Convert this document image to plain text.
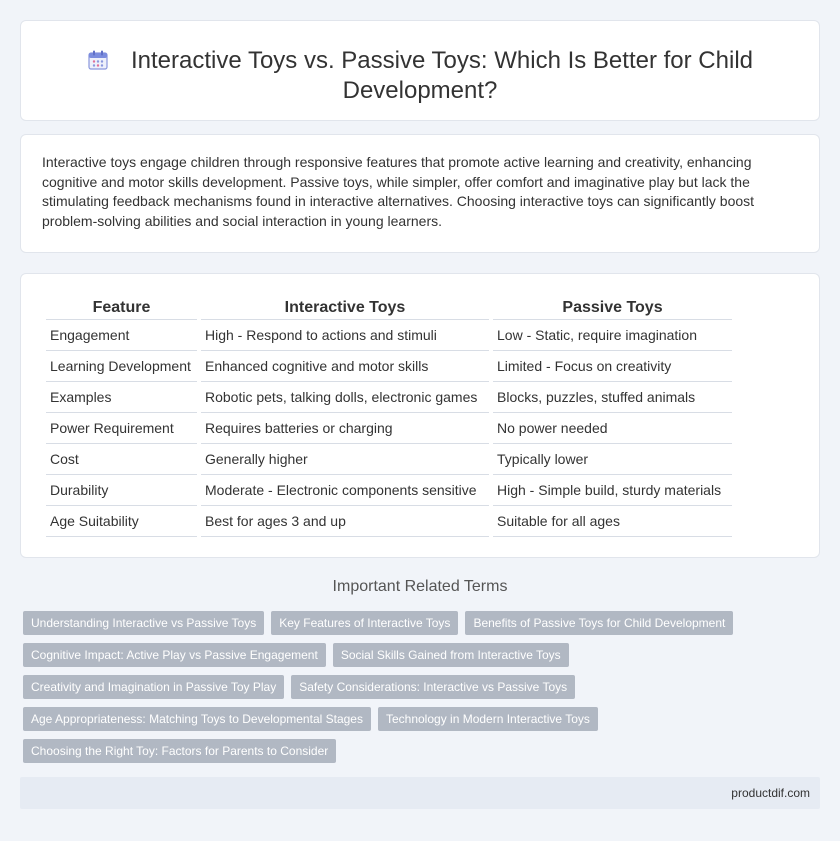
Interactive Toys vs. Passive Toys: Which Is Better for Child Development?

Interactive toys engage children through responsive features that promote active learning and creativity, enhancing cognitive and motor skills development. Passive toys, while simpler, offer comfort and imaginative play but lack the stimulating feedback mechanisms found in interactive alternatives. Choosing interactive toys can significantly boost problem-solving abilities and social interaction in young learners.

Feature	Interactive Toys	Passive Toys
Engagement	High - Respond to actions and stimuli	Low - Static, require imagination
Learning Development	Enhanced cognitive and motor skills	Limited - Focus on creativity
Examples	Robotic pets, talking dolls, electronic games	Blocks, puzzles, stuffed animals
Power Requirement	Requires batteries or charging	No power needed
Cost	Generally higher	Typically lower
Durability	Moderate - Electronic components sensitive	High - Simple build, sturdy materials
Age Suitability	Best for ages 3 and up	Suitable for all ages
Important Related Terms
Understanding Interactive vs Passive Toys	Key Features of Interactive Toys	Benefits of Passive Toys for Child Development
Cognitive Impact: Active Play vs Passive Engagement	Social Skills Gained from Interactive Toys
Creativity and Imagination in Passive Toy Play	Safety Considerations: Interactive vs Passive Toys
Age Appropriateness: Matching Toys to Developmental Stages	Technology in Modern Interactive Toys
Choosing the Right Toy: Factors for Parents to Consider
productdif.com
